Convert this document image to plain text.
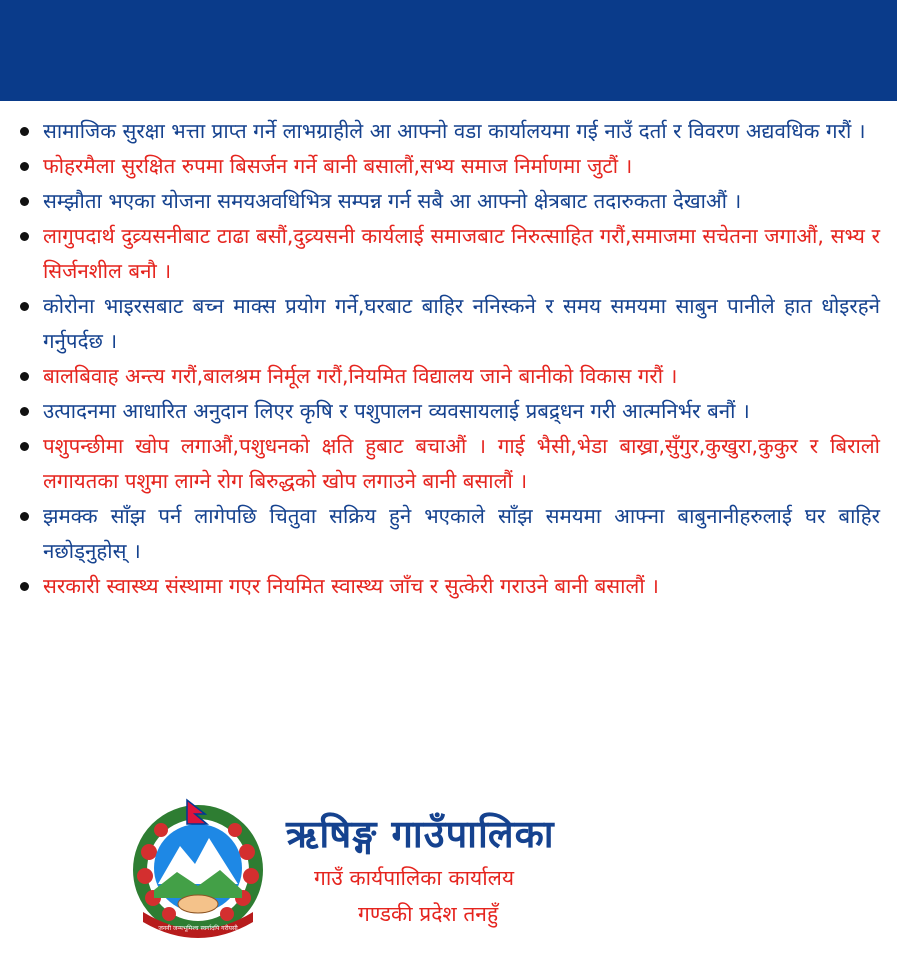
सामाजिक सुरक्षा भत्ता प्राप्त गर्ने लाभग्राहीले आ आफ्नो वडा कार्यालयमा गई नाउँ दर्ता र विवरण अद्यवधिक गरौं ।
फोहरमैला सुरक्षित रुपमा बिसर्जन गर्ने बानी बसालौं,सभ्य समाज निर्माणमा जुटौं ।
सम्झौता भएका योजना समयअवधिभित्र सम्पन्न गर्न सबै आ आफ्नो क्षेत्रबाट तदारुकता देखाऔं ।
लागुपदार्थ दुव्र्यसनीबाट टाढा बसौं,दुव्र्यसनी कार्यलाई समाजबाट निरुत्साहित गरौं,समाजमा सचेतना जगाऔं, सभ्य र सिर्जनशील बनौ ।
कोरोना भाइरसबाट बच्न माक्स प्रयोग गर्ने,घरबाट बाहिर ननिस्कने र समय समयमा साबुन पानीले हात धोइरहने गर्नुपर्दछ ।
बालबिवाह अन्त्य गरौं,बालश्रम निर्मूल गरौं,नियमित विद्यालय जाने बानीको विकास गरौं ।
उत्पादनमा आधारित अनुदान लिएर कृषि र पशुपालन व्यवसायलाई प्रबद्र्धन गरी आत्मनिर्भर बनौं ।
पशुपन्छीमा खोप लगाऔं,पशुधनको क्षति हुबाट बचाऔं । गाई भैसी,भेडा बाख्रा,सुँगुर,कुखुरा,कुकुर र बिरालो लगायतका पशुमा लाग्ने रोग बिरुद्धको खोप लगाउने बानी बसालौं ।
झमक्क साँझ पर्न लागेपछि चितुवा सक्रिय हुने भएकाले साँझ समयमा आफ्ना बाबुनानीहरुलाई घर बाहिर नछोड्नुहोस् ।
सरकारी स्वास्थ्य संस्थामा गएर नियमित स्वास्थ्य जाँच र सुत्केरी गराउने बानी बसालौं ।
जननी जन्मभूमिश्च स्वर्गादपि गरीयसी
ऋषिङ्ग गाउँपालिका
गाउँ कार्यपालिका कार्यालय
गण्डकी प्रदेश तनहुँ
